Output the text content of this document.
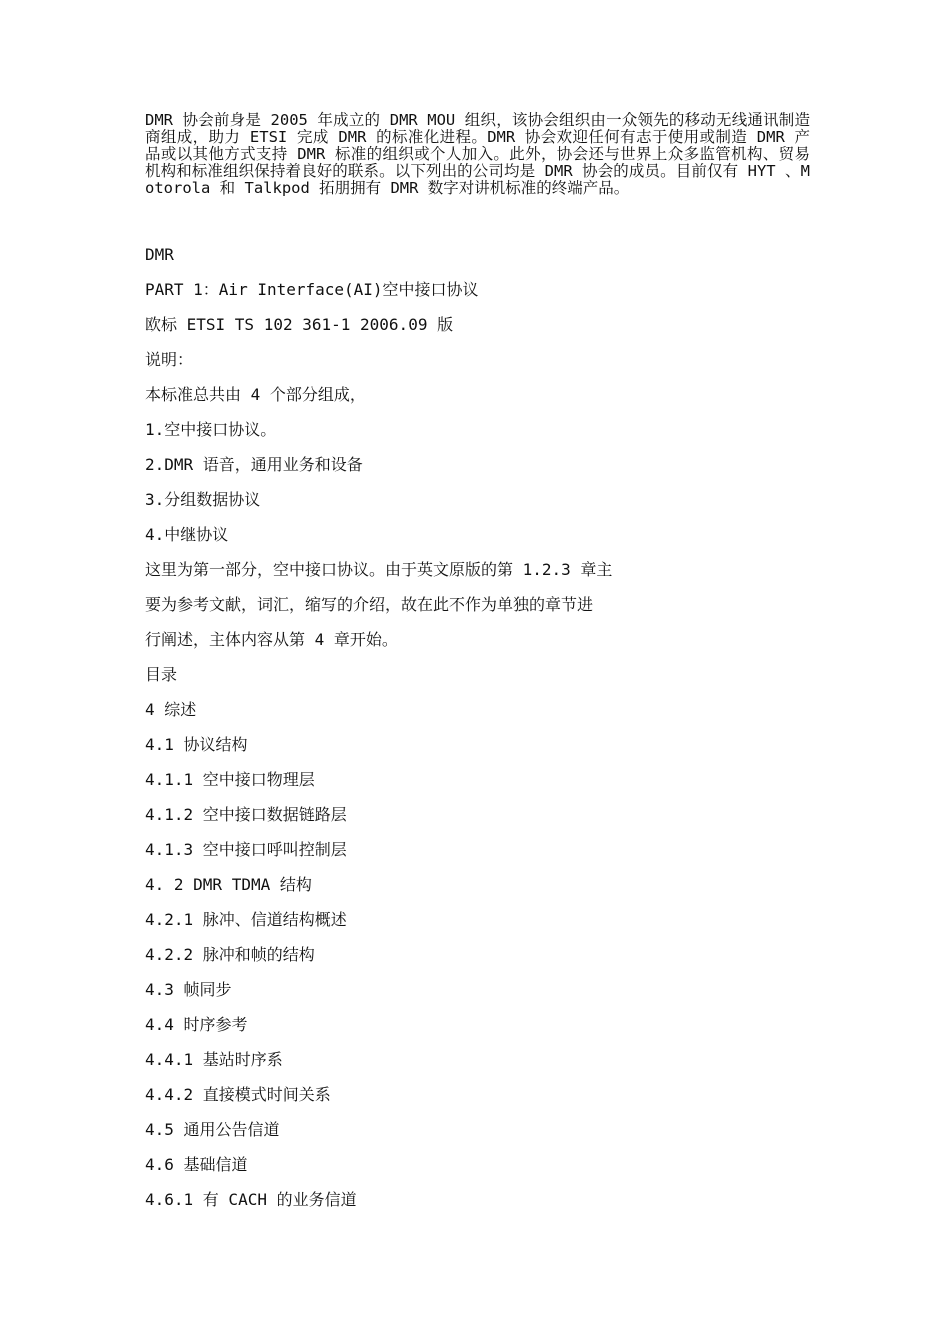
DMR 协会前身是 2005 年成立的 DMR MOU 组织，该协会组织由一众领先的移动无线通讯制造商组成，助力 ETSI 完成 DMR 的标准化进程。DMR 协会欢迎任何有志于使用或制造 DMR 产品或以其他方式支持 DMR 标准的组织或个人加入。此外，协会还与世界上众多监管机构、贸易机构和标准组织保持着良好的联系。以下列出的公司均是 DMR 协会的成员。目前仅有 HYT 、Motorola 和 Talkpod 拓朋拥有 DMR 数字对讲机标准的终端产品。

DMR
PART 1：Air Interface(AI)空中接口协议
欧标 ETSI TS 102 361-1 2006.09 版
说明：
本标准总共由 4 个部分组成，
1.空中接口协议。
2.DMR 语音，通用业务和设备
3.分组数据协议
4.中继协议
这里为第一部分，空中接口协议。由于英文原版的第 1.2.3 章主
要为参考文献，词汇，缩写的介绍，故在此不作为单独的章节进
行阐述，主体内容从第 4 章开始。
目录
4 综述
4.1 协议结构
4.1.1 空中接口物理层
4.1.2 空中接口数据链路层
4.1.3 空中接口呼叫控制层
4. 2 DMR TDMA 结构
4.2.1 脉冲、信道结构概述
4.2.2 脉冲和帧的结构
4.3 帧同步
4.4 时序参考
4.4.1 基站时序系
4.4.2 直接模式时间关系
4.5 通用公告信道
4.6 基础信道
4.6.1 有 CACH 的业务信道
